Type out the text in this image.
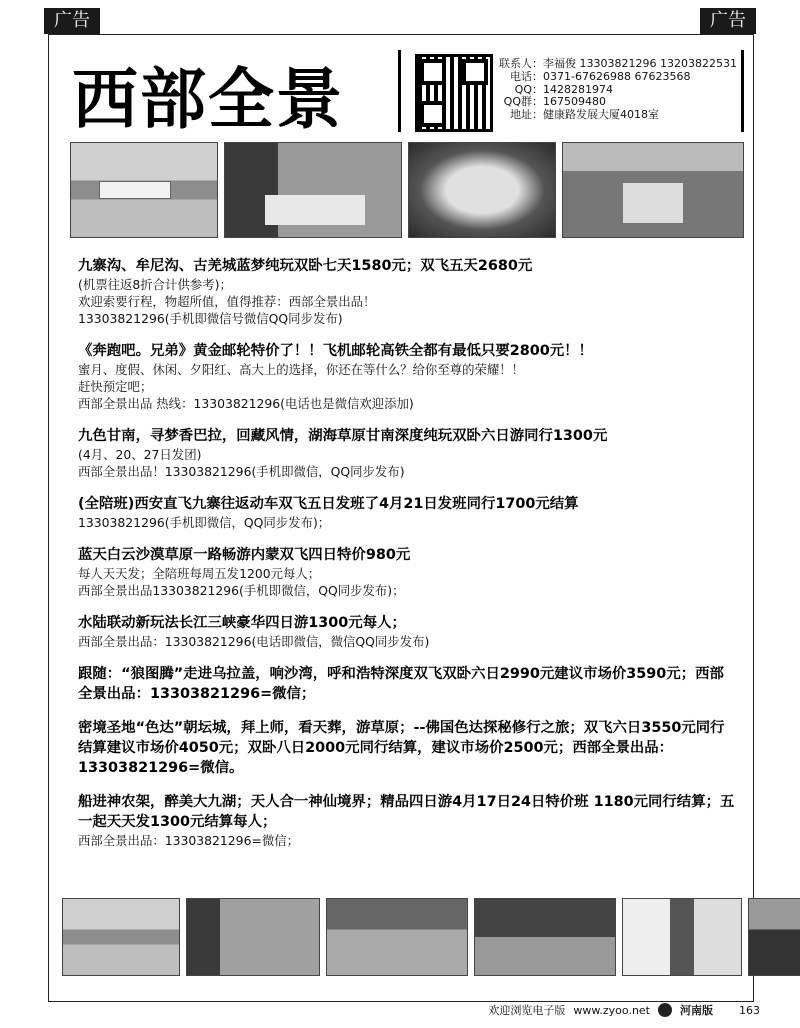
广告	广告
西部全景	联系人：李福俊 13303821296 13203822531
电话：0371-67626988 67623568
QQ：1428281974
QQ群：167509480
地址：健康路发展大厦4018室
九寨沟、牟尼沟、古羌城蓝梦纯玩双卧七天1580元；双飞五天2680元
(机票往返8折合计供参考)；
欢迎索要行程，物超所值，值得推荐：西部全景出品！
13303821296(手机即微信号微信QQ同步发布)
《奔跑吧。兄弟》黄金邮轮特价了！！飞机邮轮高铁全都有最低只要2800元！！
蜜月、度假、休闲、夕阳红、高大上的选择，你还在等什么？给你至尊的荣耀！！
赶快预定吧；
西部全景出品 热线：13303821296(电话也是微信欢迎添加)
九色甘南，寻梦香巴拉，回藏风情，湖海草原甘南深度纯玩双卧六日游同行1300元
(4月、20、27日发团)
西部全景出品！13303821296(手机即微信，QQ同步发布)
(全陪班)西安直飞九寨往返动车双飞五日发班了4月21日发班同行1700元结算
13303821296(手机即微信，QQ同步发布)；
蓝天白云沙漠草原一路畅游内蒙双飞四日特价980元
每人天天发；全陪班每周五发1200元每人；
西部全景出品13303821296(手机即微信，QQ同步发布)；
水陆联动新玩法长江三峡豪华四日游1300元每人；
西部全景出品：13303821296(电话即微信，微信QQ同步发布)
跟随：“狼图腾”走进乌拉盖，响沙湾，呼和浩特深度双飞双卧六日2990元建议市场价3590元；西部全景出品：13303821296=微信；
密境圣地“色达”朝坛城，拜上师，看天葬，游草原；--佛国色达探秘修行之旅；双飞六日3550元同行结算建议市场价4050元；双卧八日2000元同行结算，建议市场价2500元；西部全景出品：13303821296=微信。
船进神农架，醉美大九湖；天人合一神仙境界；精品四日游4月17日24日特价班 1180元同行结算；五一起天天发1300元结算每人；
西部全景出品：13303821296=微信；
欢迎浏览电子版 www.zyoo.net	河南版 163
